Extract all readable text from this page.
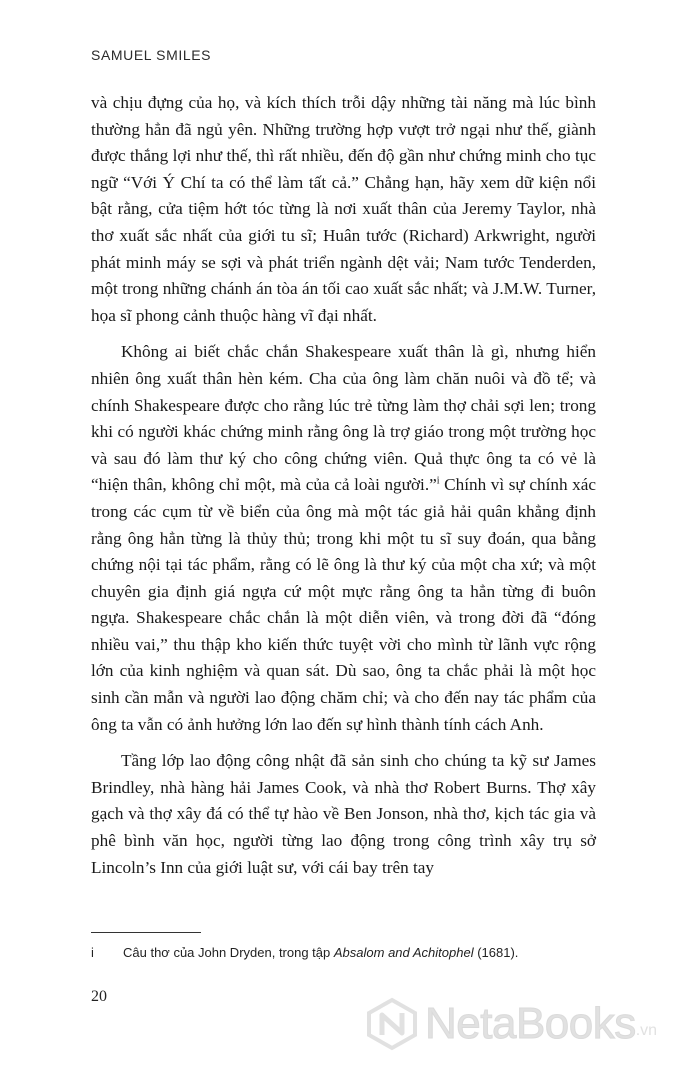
SAMUEL SMILES

và chịu đựng của họ, và kích thích trỗi dậy những tài năng mà lúc bình thường hẳn đã ngủ yên. Những trường hợp vượt trở ngại như thế, giành được thắng lợi như thế, thì rất nhiều, đến độ gần như chứng minh cho tục ngữ “Với Ý Chí ta có thể làm tất cả.” Chẳng hạn, hãy xem dữ kiện nổi bật rằng, cửa tiệm hớt tóc từng là nơi xuất thân của Jeremy Taylor, nhà thơ xuất sắc nhất của giới tu sĩ; Huân tước (Richard) Arkwright, người phát minh máy se sợi và phát triển ngành dệt vải; Nam tước Tenderden, một trong những chánh án tòa án tối cao xuất sắc nhất; và J.M.W. Turner, họa sĩ phong cảnh thuộc hàng vĩ đại nhất.

Không ai biết chắc chắn Shakespeare xuất thân là gì, nhưng hiển nhiên ông xuất thân hèn kém. Cha của ông làm chăn nuôi và đồ tể; và chính Shakespeare được cho rằng lúc trẻ từng làm thợ chải sợi len; trong khi có người khác chứng minh rằng ông là trợ giáo trong một trường học và sau đó làm thư ký cho công chứng viên. Quả thực ông ta có vẻ là “hiện thân, không chỉ một, mà của cả loài người.”$^i$ Chính vì sự chính xác trong các cụm từ về biển của ông mà một tác giả hải quân khẳng định rằng ông hẳn từng là thủy thủ; trong khi một tu sĩ suy đoán, qua bằng chứng nội tại tác phẩm, rằng có lẽ ông là thư ký của một cha xứ; và một chuyên gia định giá ngựa cứ một mực rằng ông ta hẳn từng đi buôn ngựa. Shakespeare chắc chắn là một diễn viên, và trong đời đã “đóng nhiều vai,” thu thập kho kiến thức tuyệt vời cho mình từ lãnh vực rộng lớn của kinh nghiệm và quan sát. Dù sao, ông ta chắc phải là một học sinh cần mẫn và người lao động chăm chỉ; và cho đến nay tác phẩm của ông ta vẫn có ảnh hưởng lớn lao đến sự hình thành tính cách Anh.

Tầng lớp lao động công nhật đã sản sinh cho chúng ta kỹ sư James Brindley, nhà hàng hải James Cook, và nhà thơ Robert Burns. Thợ xây gạch và thợ xây đá có thể tự hào về Ben Jonson, nhà thơ, kịch tác gia và phê bình văn học, người từng lao động trong công trình xây trụ sở Lincoln’s Inn của giới luật sư, với cái bay trên tay

i Câu thơ của John Dryden, trong tập Absalom and Achitophel (1681).
20
NetaBooks .vn
